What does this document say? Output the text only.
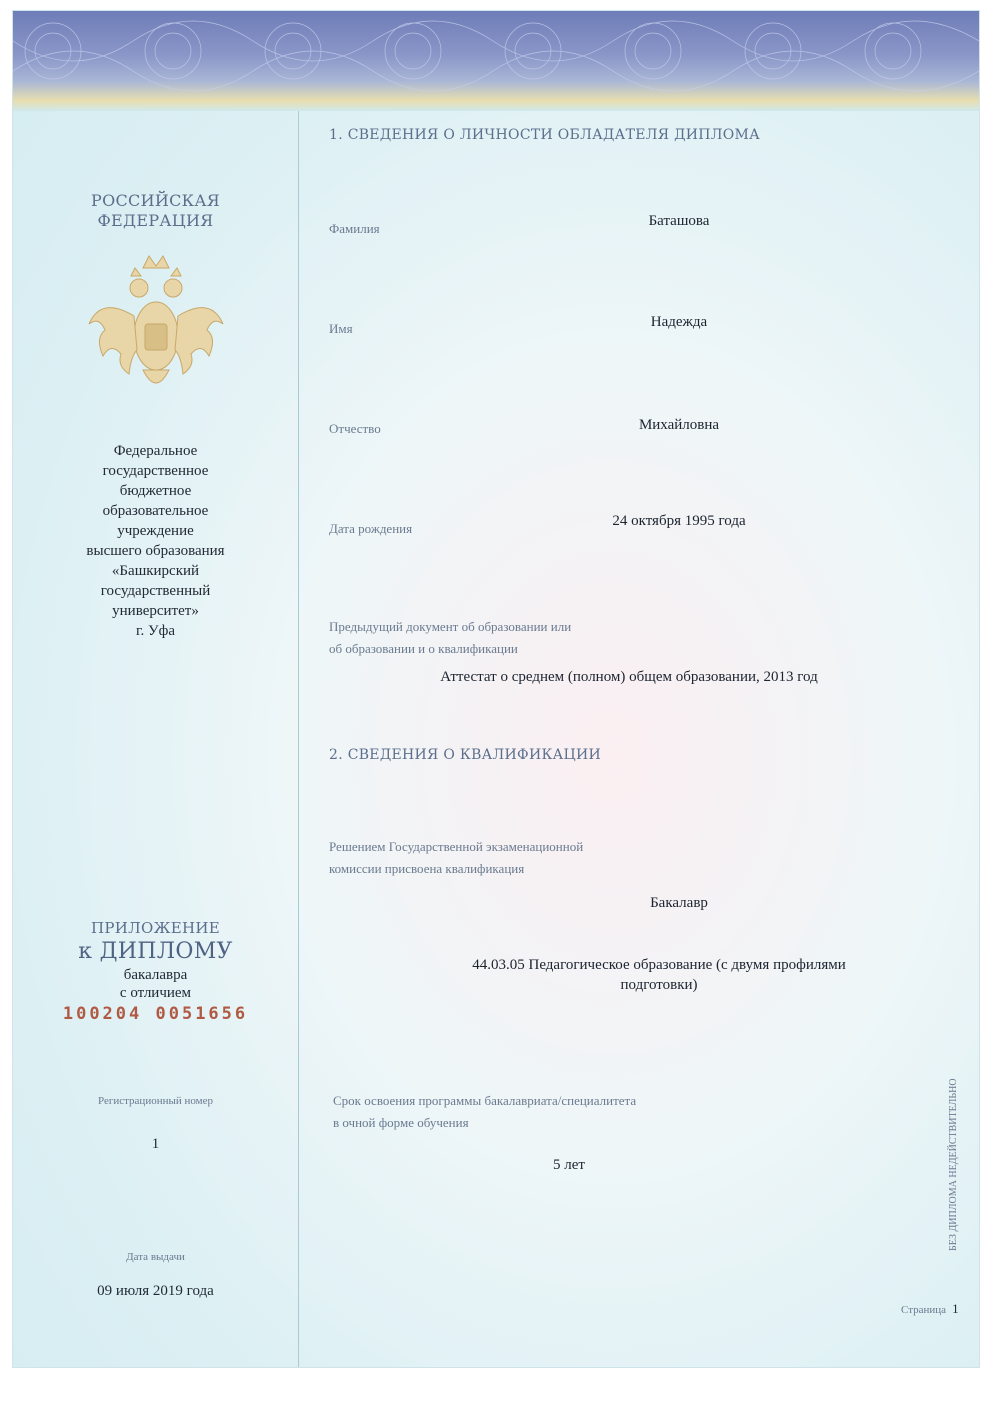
РОССИЙСКАЯ
ФЕДЕРАЦИЯ
Федеральное
государственное
бюджетное
образовательное
учреждение
высшего образования
«Башкирский
государственный
университет»
г. Уфа
ПРИЛОЖЕНИЕ
к ДИПЛОМУ
бакалавра
с отличием
100204 0051656
Регистрационный номер
1
Дата выдачи
09 июля 2019 года
1. СВЕДЕНИЯ О ЛИЧНОСТИ ОБЛАДАТЕЛЯ ДИПЛОМА
Фамилия	Баташова
Имя	Надежда
Отчество	Михайловна
Дата рождения	24 октября 1995 года
Предыдущий документ об образовании или
об образовании и о квалификации
Аттестат о среднем (полном) общем образовании, 2013 год
2. СВЕДЕНИЯ О КВАЛИФИКАЦИИ
Решением Государственной экзаменационной
комиссии присвоена квалификация
Бакалавр
44.03.05 Педагогическое образование (с двумя профилями
подготовки)
Срок освоения программы бакалавриата/специалитета
в очной форме обучения
5 лет	БЕЗ ДИПЛОМА НЕДЕЙСТВИТЕЛЬНО
Страница 1
